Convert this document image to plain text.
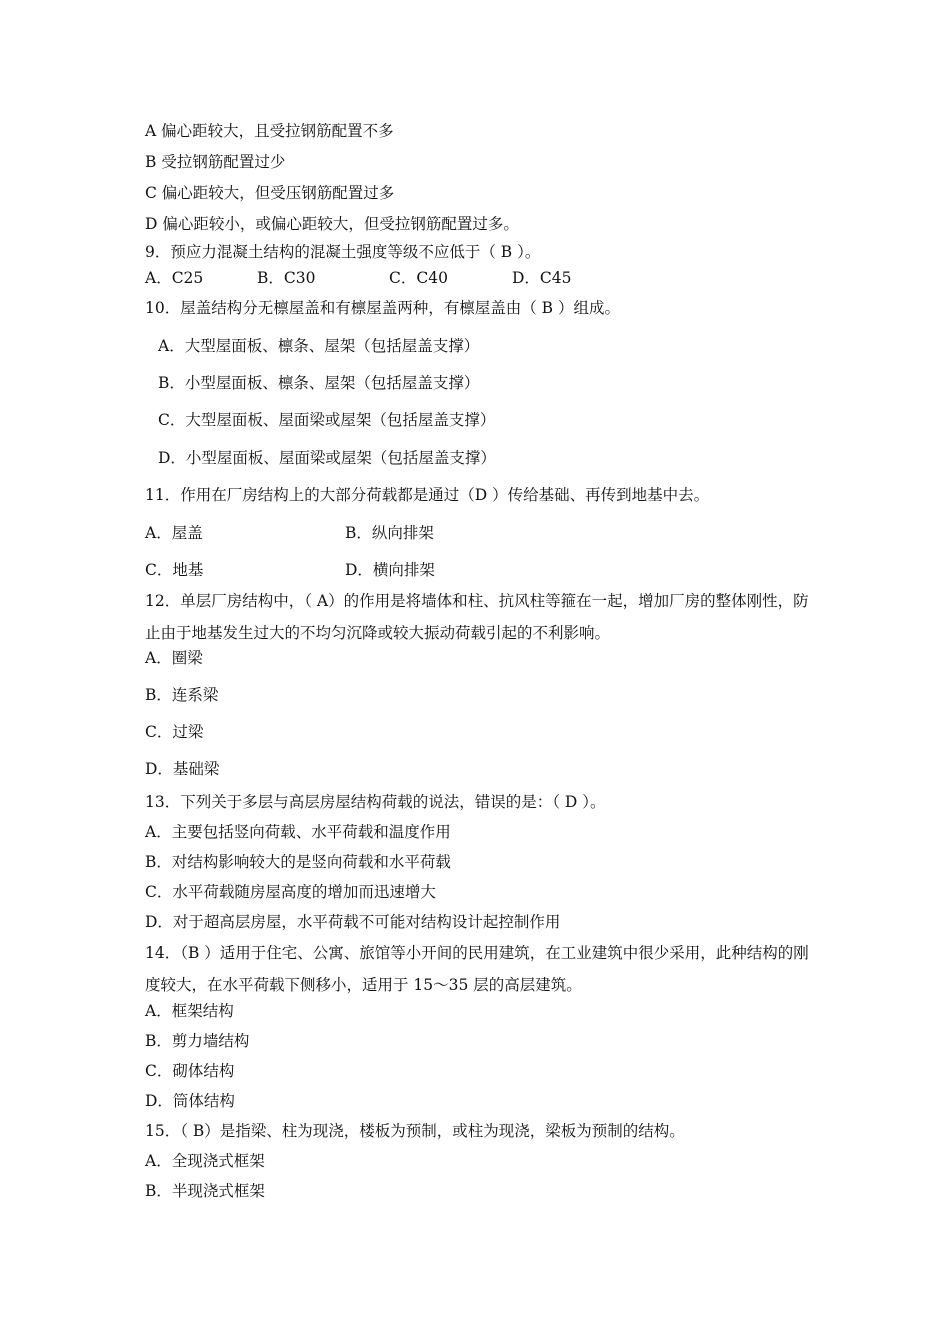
A 偏心距较大，且受拉钢筋配置不多
B 受拉钢筋配置过少
C 偏心距较大，但受压钢筋配置过多
D 偏心距较小，或偏心距较大，但受拉钢筋配置过多。
9．预应力混凝土结构的混凝土强度等级不应低于（ B ）。
A．C25	B．C30	C．C40	D．C45
10．屋盖结构分无檩屋盖和有檩屋盖两种，有檩屋盖由（ B ）组成。
A．大型屋面板、檩条、屋架（包括屋盖支撑）
B．小型屋面板、檩条、屋架（包括屋盖支撑）
C．大型屋面板、屋面梁或屋架（包括屋盖支撑）
D．小型屋面板、屋面梁或屋架（包括屋盖支撑）
11．作用在厂房结构上的大部分荷载都是通过（D ）传给基础、再传到地基中去。
A．屋盖	B．纵向排架
C．地基	D．横向排架
12．单层厂房结构中，（ A）的作用是将墙体和柱、抗风柱等箍在一起，增加厂房的整体刚性，防止由于地基发生过大的不均匀沉降或较大振动荷载引起的不利影响。
A．圈梁
B．连系梁
C．过梁
D．基础梁
13．下列关于多层与高层房屋结构荷载的说法，错误的是：（ D ）。
A．主要包括竖向荷载、水平荷载和温度作用
B．对结构影响较大的是竖向荷载和水平荷载
C．水平荷载随房屋高度的增加而迅速增大
D．对于超高层房屋，水平荷载不可能对结构设计起控制作用
14．（B ）适用于住宅、公寓、旅馆等小开间的民用建筑，在工业建筑中很少采用，此种结构的刚度较大，在水平荷载下侧移小，适用于 15～35 层的高层建筑。
A．框架结构
B．剪力墙结构
C．砌体结构
D．筒体结构
15．（ B）是指梁、柱为现浇，楼板为预制，或柱为现浇，梁板为预制的结构。
A．全现浇式框架
B．半现浇式框架
